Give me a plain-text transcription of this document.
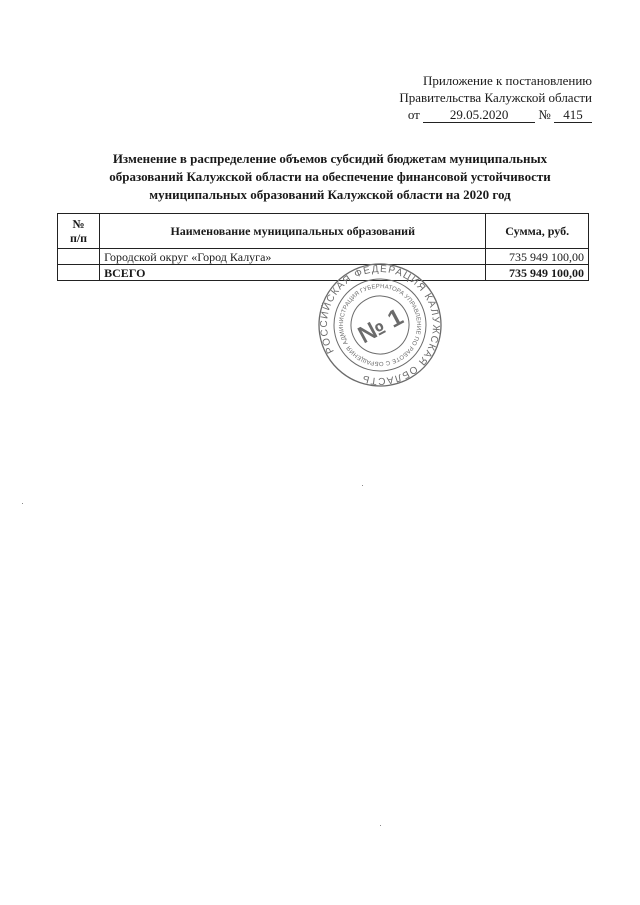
Приложение к постановлению
Правительства Калужской области
от 29.05.2020 № 415
Изменение в распределение объемов субсидий бюджетам муниципальных
образований Калужской области на обеспечение финансовой устойчивости
муниципальных образований Калужской области на 2020 год
№
п/п	Наименование муниципальных образований	Сумма, руб.
	Городской округ «Город Калуга»	735 949 100,00
	ВСЕГО	735 949 100,00
РОССИЙСКАЯ ФЕДЕРАЦИЯ КАЛУЖСКАЯ ОБЛАСТЬ
АДМИНИСТРАЦИЯ ГУБЕРНАТОРА УПРАВЛЕНИЕ ПО РАБОТЕ С ОБРАЩЕНИЯМИ
№ 1
